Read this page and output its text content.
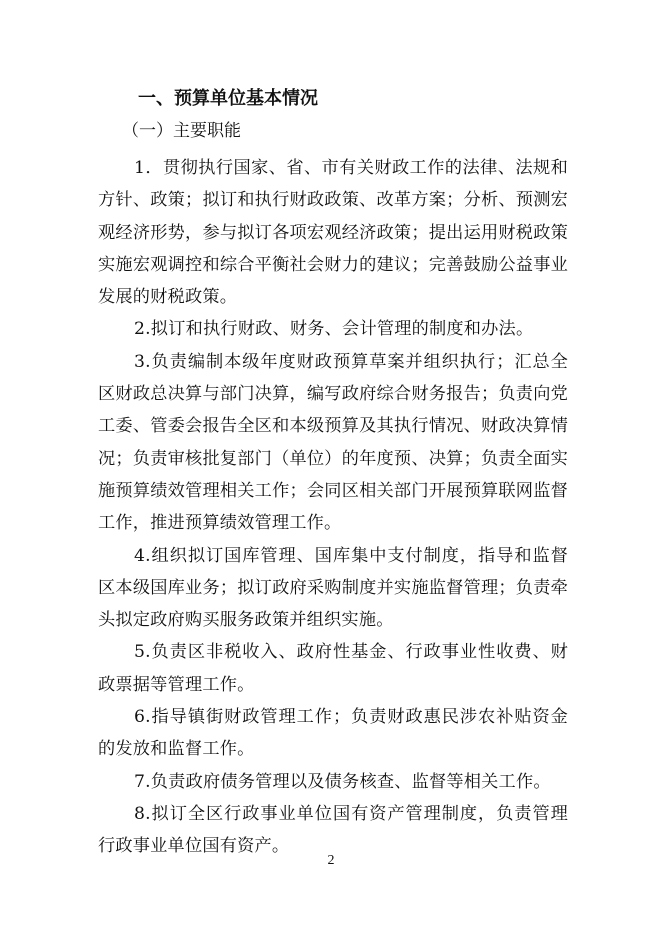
一、预算单位基本情况
（一）主要职能

1．贯彻执行国家、省、市有关财政工作的法律、法规和方针、政策；拟订和执行财政政策、改革方案；分析、预测宏观经济形势，参与拟订各项宏观经济政策；提出运用财税政策实施宏观调控和综合平衡社会财力的建议；完善鼓励公益事业发展的财税政策。

2.拟订和执行财政、财务、会计管理的制度和办法。

3.负责编制本级年度财政预算草案并组织执行；汇总全区财政总决算与部门决算，编写政府综合财务报告；负责向党工委、管委会报告全区和本级预算及其执行情况、财政决算情况；负责审核批复部门（单位）的年度预、决算；负责全面实施预算绩效管理相关工作；会同区相关部门开展预算联网监督工作，推进预算绩效管理工作。

4.组织拟订国库管理、国库集中支付制度，指导和监督区本级国库业务；拟订政府采购制度并实施监督管理；负责牵头拟定政府购买服务政策并组织实施。

5.负责区非税收入、政府性基金、行政事业性收费、财政票据等管理工作。

6.指导镇街财政管理工作；负责财政惠民涉农补贴资金的发放和监督工作。

7.负责政府债务管理以及债务核查、监督等相关工作。

8.拟订全区行政事业单位国有资产管理制度，负责管理行政事业单位国有资产。

2
